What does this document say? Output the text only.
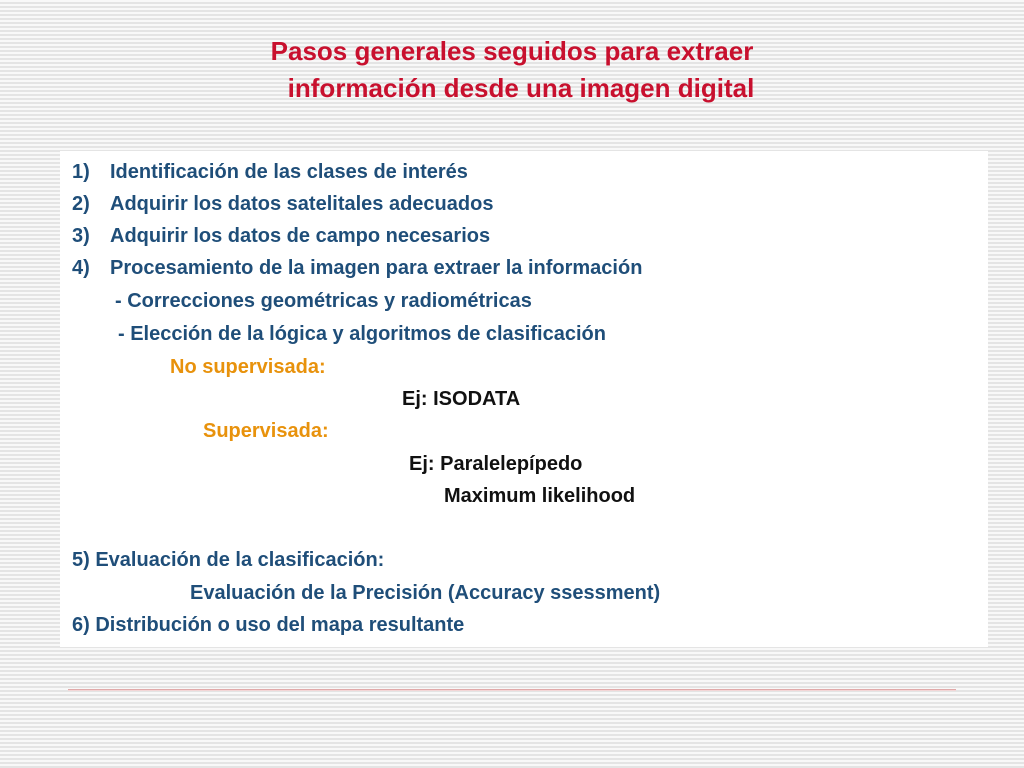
Pasos generales seguidos para extraer
información desde una imagen digital
1) Identificación de las clases de interés
2) Adquirir los datos satelitales adecuados
3) Adquirir los datos de campo necesarios
4) Procesamiento de la imagen para extraer la información
- Correcciones geométricas y radiométricas
- Elección de la lógica y algoritmos de clasificación
No supervisada:
Ej: ISODATA
Supervisada:
Ej: Paralelepípedo
Maximum likelihood
5) Evaluación de la clasificación:
Evaluación de la Precisión (Accuracy ssessment)
6) Distribución o uso del mapa resultante
